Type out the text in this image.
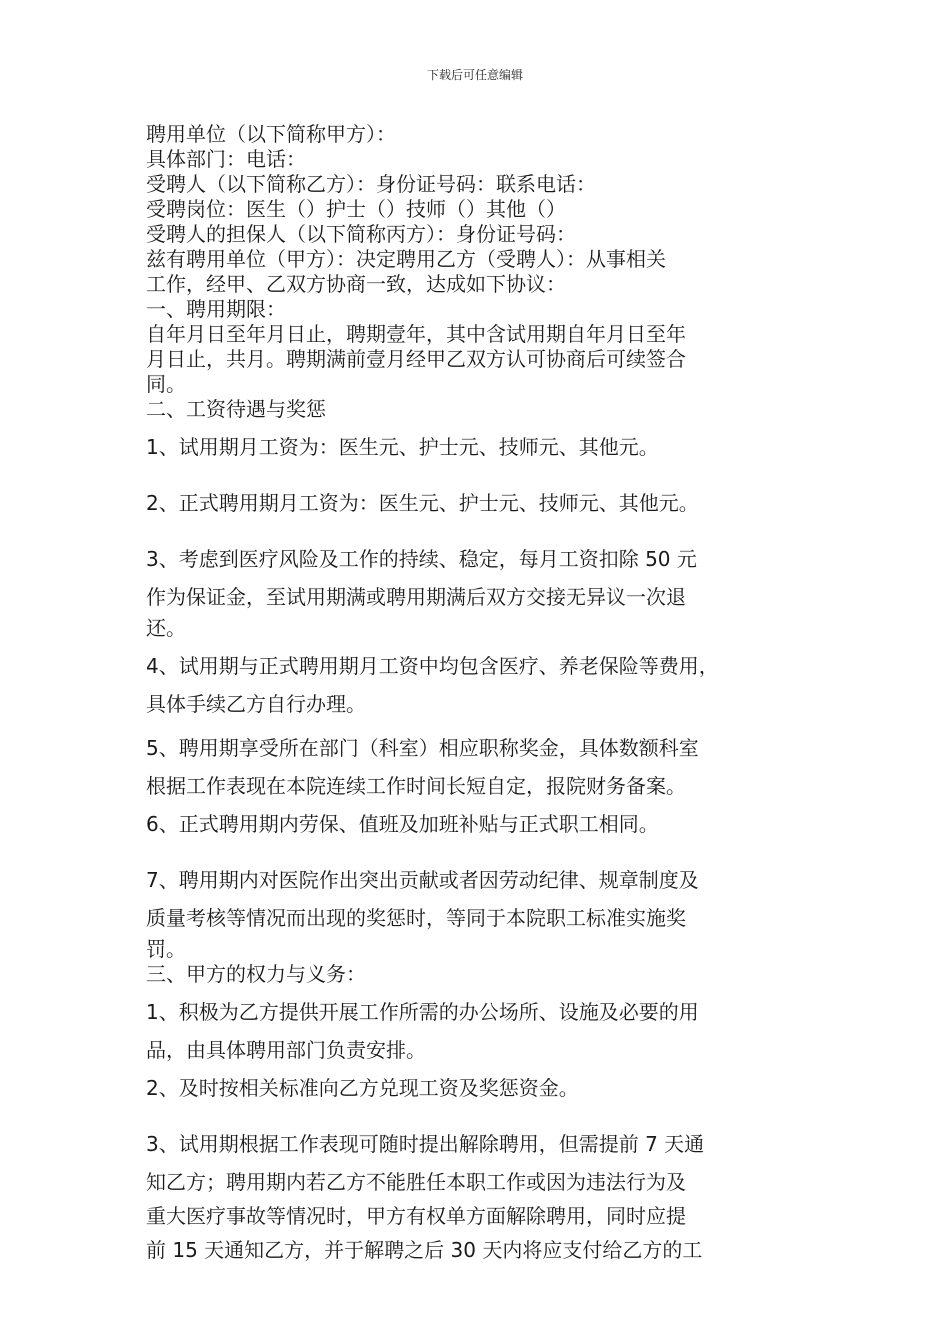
下载后可任意编辑
聘用单位（以下简称甲方）：
具体部门：电话：
受聘人（以下简称乙方）：身份证号码：联系电话：
受聘岗位：医生（）护士（）技师（）其他（）
受聘人的担保人（以下简称丙方）：身份证号码：
兹有聘用单位（甲方）：决定聘用乙方（受聘人）：从事相关
工作，经甲、乙双方协商一致，达成如下协议：
一、聘用期限：
自年月日至年月日止，聘期壹年，其中含试用期自年月日至年
月日止，共月。聘期满前壹月经甲乙双方认可协商后可续签合
同。
二、工资待遇与奖惩
1、试用期月工资为：医生元、护士元、技师元、其他元。
2、正式聘用期月工资为：医生元、护士元、技师元、其他元。
3、考虑到医疗风险及工作的持续、稳定，每月工资扣除 50 元
作为保证金，至试用期满或聘用期满后双方交接无异议一次退
还。
4、试用期与正式聘用期月工资中均包含医疗、养老保险等费用，
具体手续乙方自行办理。
5、聘用期享受所在部门（科室）相应职称奖金，具体数额科室
根据工作表现在本院连续工作时间长短自定，报院财务备案。
6、正式聘用期内劳保、值班及加班补贴与正式职工相同。
7、聘用期内对医院作出突出贡献或者因劳动纪律、规章制度及
质量考核等情况而出现的奖惩时，等同于本院职工标准实施奖
罚。
三、甲方的权力与义务：
1、积极为乙方提供开展工作所需的办公场所、设施及必要的用
品，由具体聘用部门负责安排。
2、及时按相关标准向乙方兑现工资及奖惩资金。
3、试用期根据工作表现可随时提出解除聘用，但需提前 7 天通
知乙方；聘用期内若乙方不能胜任本职工作或因为违法行为及
重大医疗事故等情况时，甲方有权单方面解除聘用，同时应提
前 15 天通知乙方，并于解聘之后 30 天内将应支付给乙方的工
